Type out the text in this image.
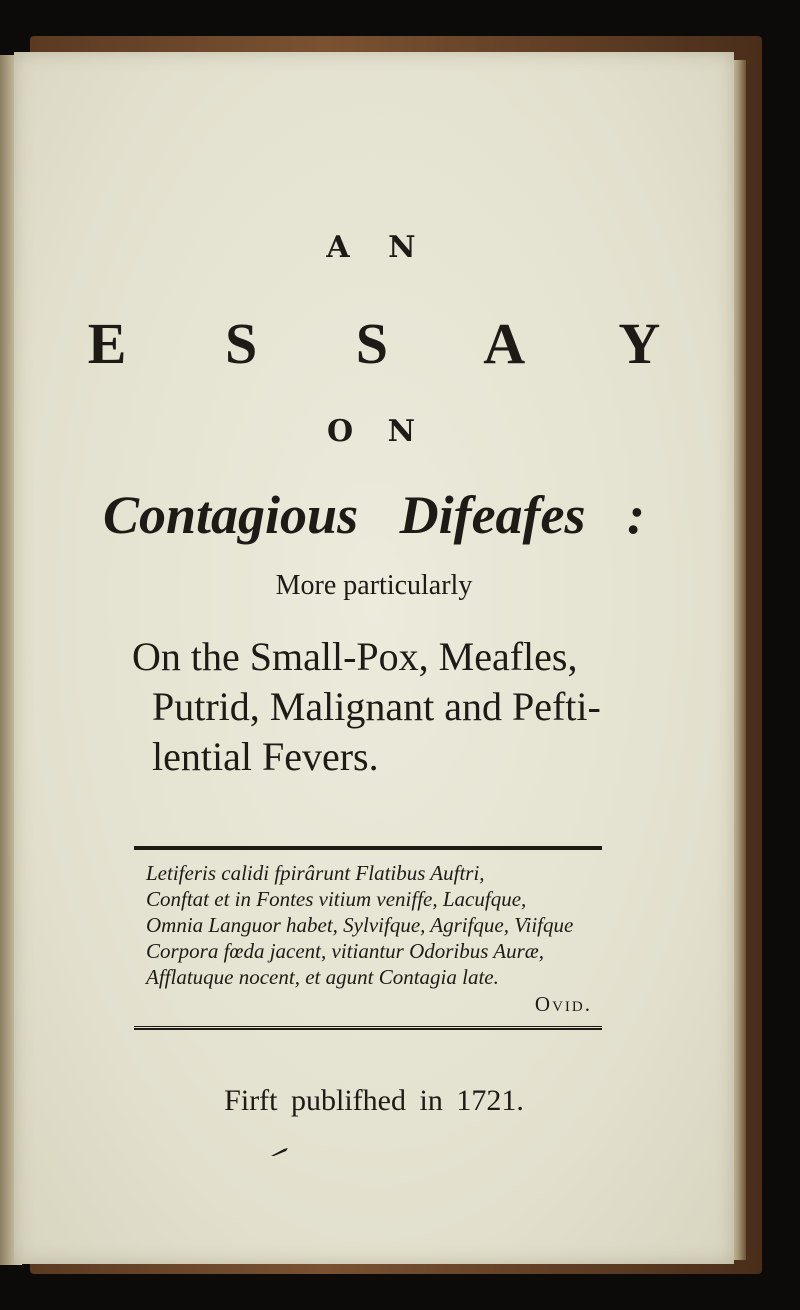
A N
E S S A Y
O N
Contagious Difeafes :
More particularly
On the Small-Pox, Meafles,
Putrid, Malignant and Pefti-
lential Fevers.
Letiferis calidi fpirârunt Flatibus Auftri,
Conftat et in Fontes vitium veniffe, Lacufque,
Omnia Languor habet, Sylvifque, Agrifque, Viifque
Corpora fœda jacent, vitiantur Odoribus Auræ,
Afflatuque nocent, et agunt Contagia late.
Ovid.
Firft publifhed in 1721.
